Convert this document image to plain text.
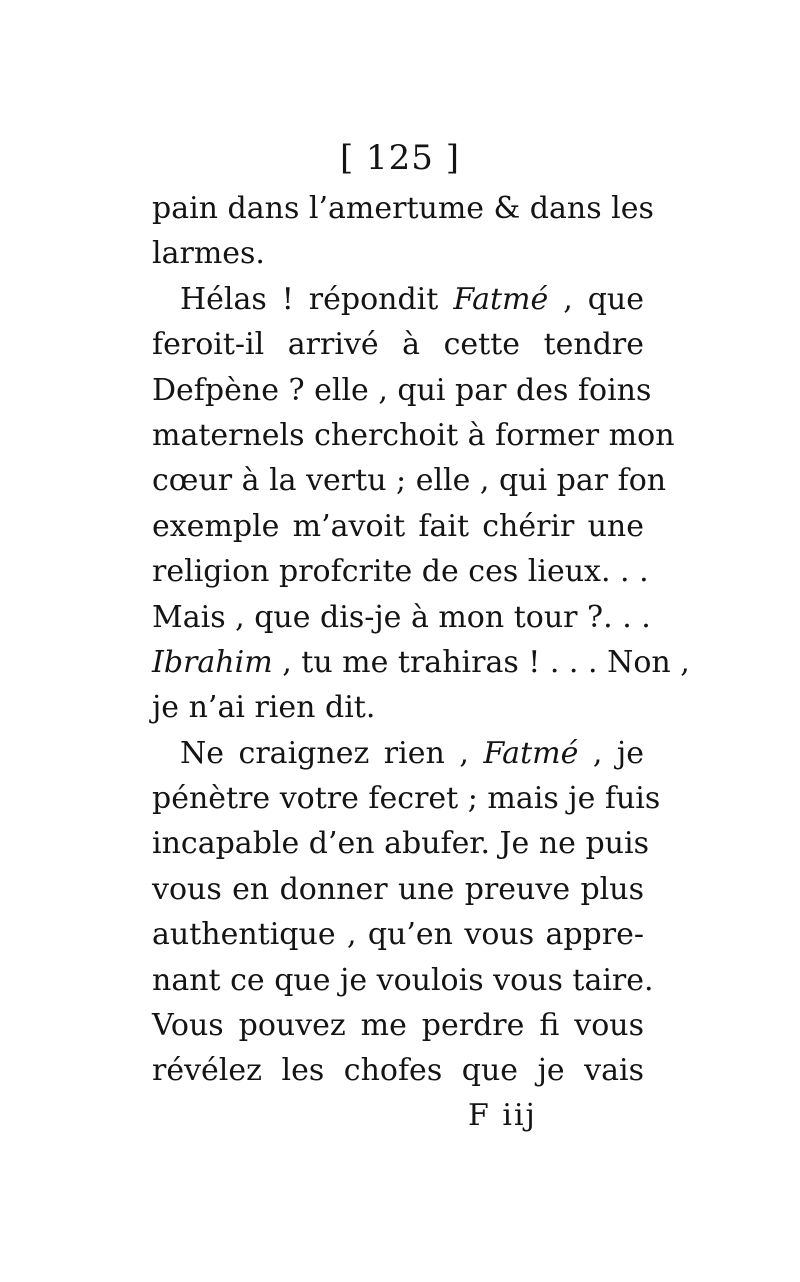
[ 125 ]
pain dans l’amertume & dans les
larmes.
Hélas ! répondit Fatmé , que
feroit-il arrivé à cette tendre
Defpène ? elle , qui par des foins
maternels cherchoit à former mon
cœur à la vertu ; elle , qui par fon
exemple m’avoit fait chérir une
religion profcrite de ces lieux. . .
Mais , que dis-je à mon tour ?. . .
Ibrahim , tu me trahiras ! . . . Non ,
je n’ai rien dit.
Ne craignez rien , Fatmé , je
pénètre votre fecret ; mais je fuis
incapable d’en abufer. Je ne puis
vous en donner une preuve plus
authentique , qu’en vous appre-
nant ce que je voulois vous taire.
Vous pouvez me perdre fi vous
révélez les chofes que je vais
F iij
